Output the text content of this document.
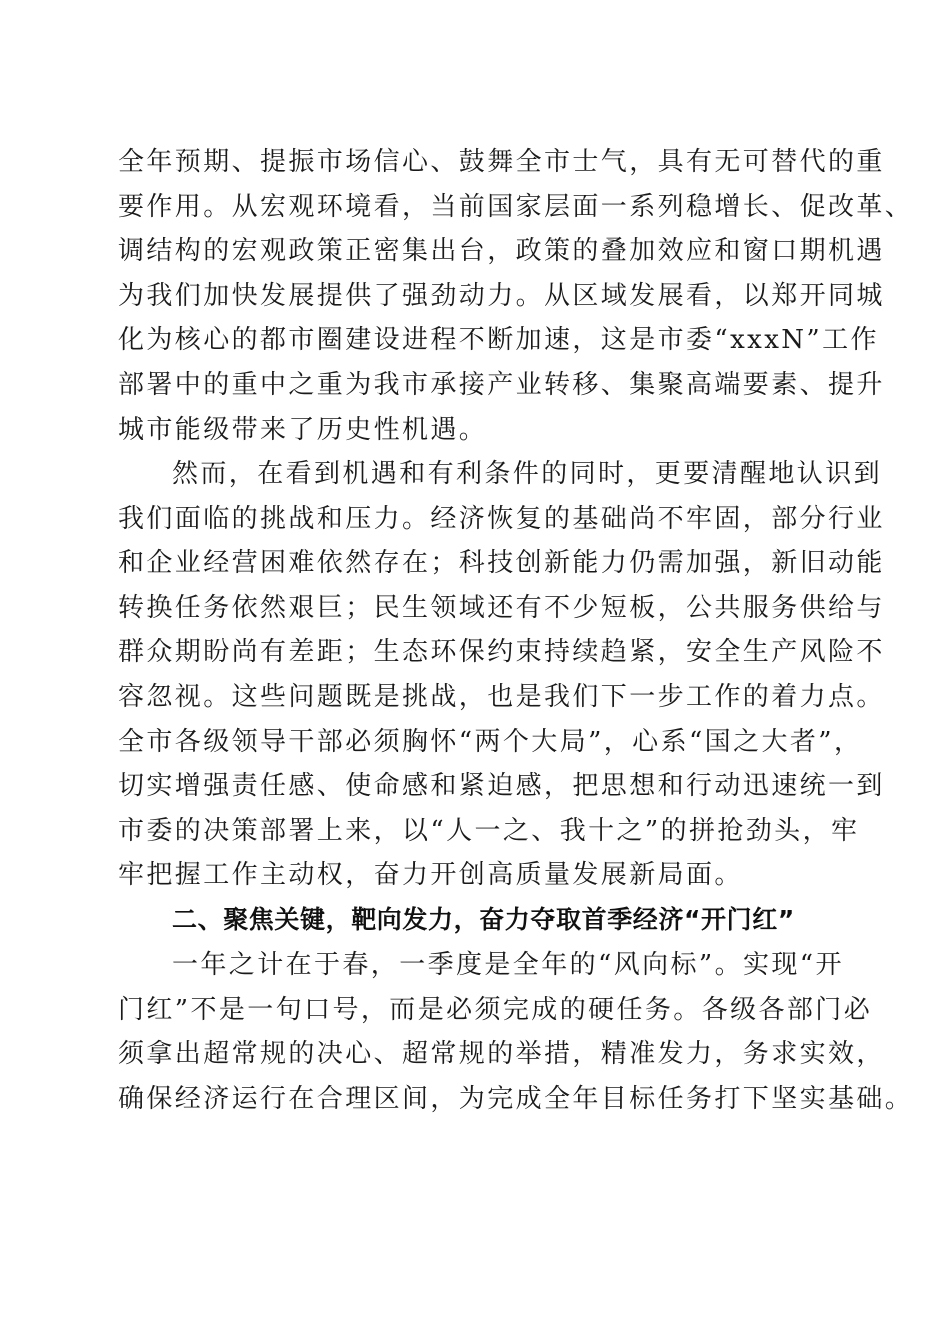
全年预期、提振市场信心、鼓舞全市士气，具有无可替代的重
要作用。从宏观环境看，当前国家层面一系列稳增长、促改革、
调结构的宏观政策正密集出台，政策的叠加效应和窗口期机遇
为我们加快发展提供了强劲动力。从区域发展看，以郑开同城
化为核心的都市圈建设进程不断加速，这是市委“xxxN”工作
部署中的重中之重为我市承接产业转移、集聚高端要素、提升
城市能级带来了历史性机遇。
然而，在看到机遇和有利条件的同时，更要清醒地认识到
我们面临的挑战和压力。经济恢复的基础尚不牢固，部分行业
和企业经营困难依然存在；科技创新能力仍需加强，新旧动能
转换任务依然艰巨；民生领域还有不少短板，公共服务供给与
群众期盼尚有差距；生态环保约束持续趋紧，安全生产风险不
容忽视。这些问题既是挑战，也是我们下一步工作的着力点。
全市各级领导干部必须胸怀“两个大局”，心系“国之大者”，
切实增强责任感、使命感和紧迫感，把思想和行动迅速统一到
市委的决策部署上来，以“人一之、我十之”的拼抢劲头，牢
牢把握工作主动权，奋力开创高质量发展新局面。
二、聚焦关键，靶向发力，奋力夺取首季经济“开门红”
一年之计在于春，一季度是全年的“风向标”。实现“开
门红”不是一句口号，而是必须完成的硬任务。各级各部门必
须拿出超常规的决心、超常规的举措，精准发力，务求实效，
确保经济运行在合理区间，为完成全年目标任务打下坚实基础。
